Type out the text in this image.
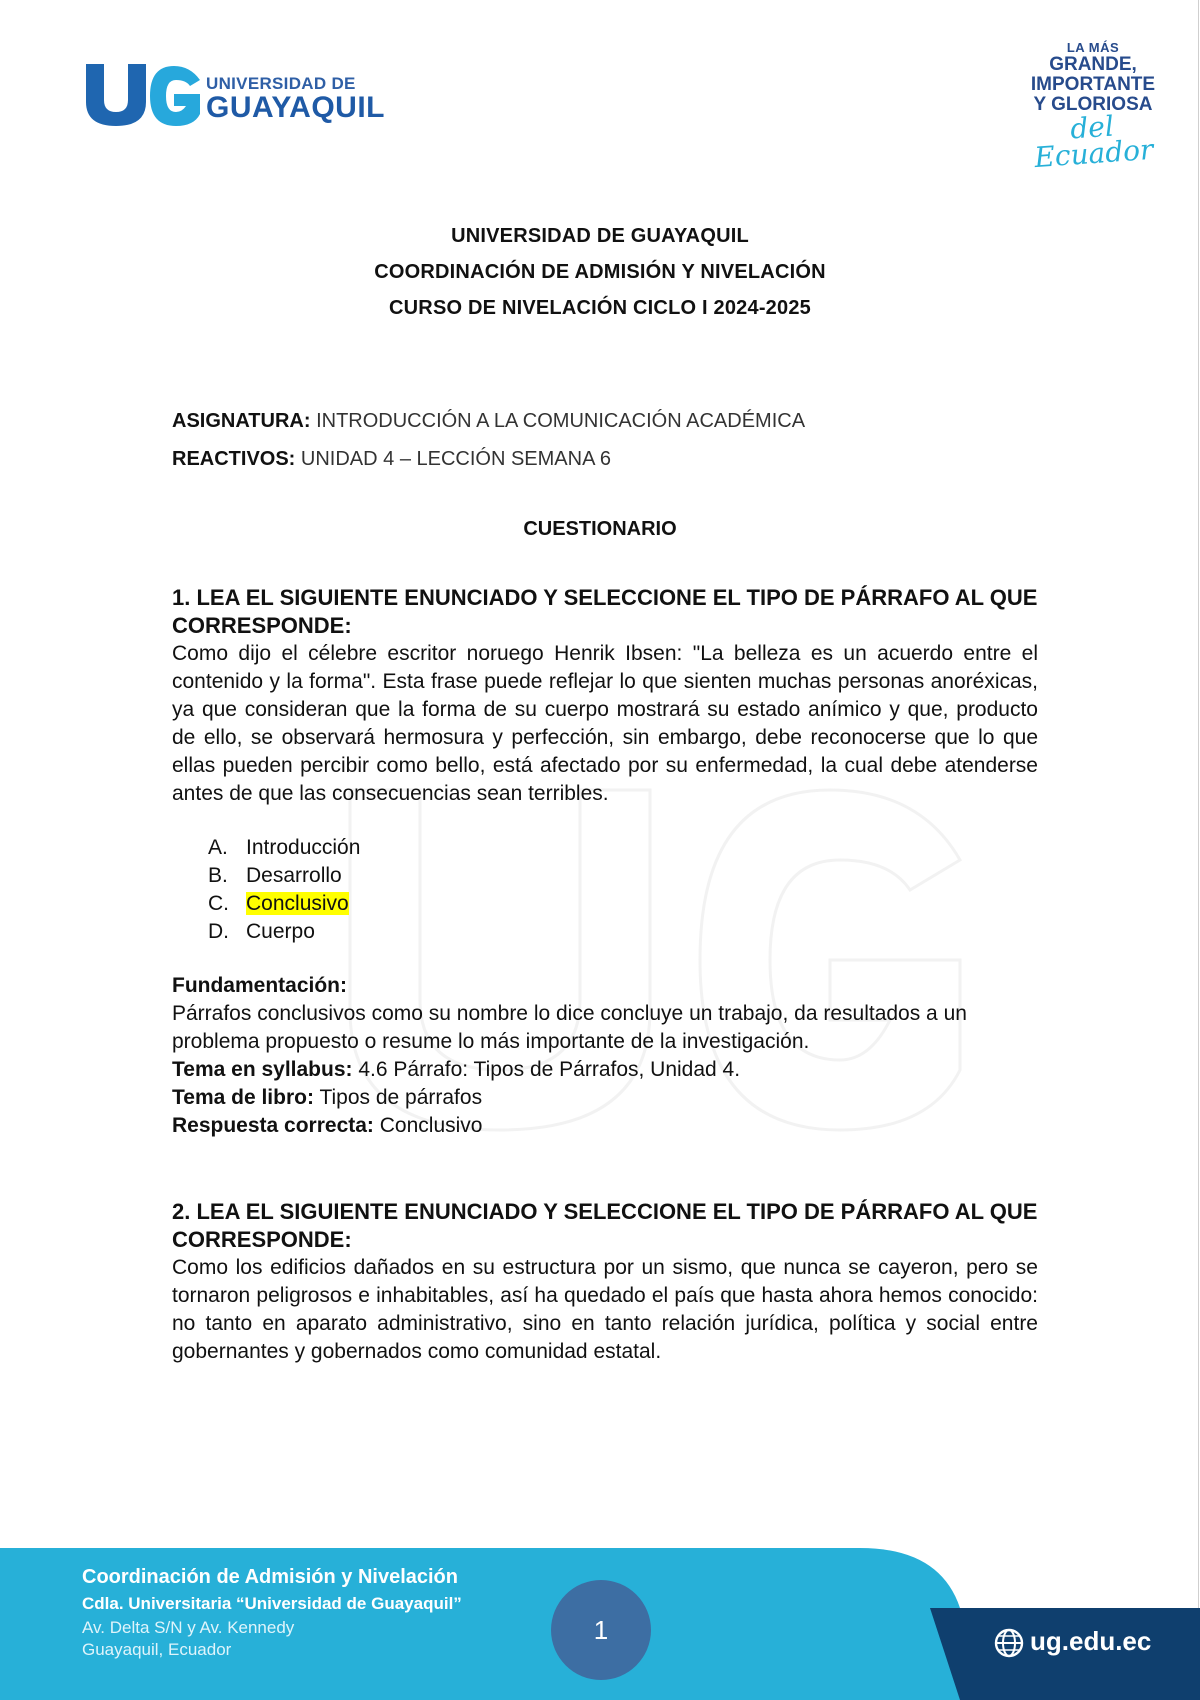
UNIVERSIDAD DE
GUAYAQUIL
LA MÁS
GRANDE,
IMPORTANTE
Y GLORIOSA
del Ecuador
UNIVERSIDAD DE GUAYAQUIL
COORDINACIÓN DE ADMISIÓN Y NIVELACIÓN
CURSO DE NIVELACIÓN CICLO I 2024-2025
ASIGNATURA: INTRODUCCIÓN A LA COMUNICACIÓN ACADÉMICA
REACTIVOS: UNIDAD 4 – LECCIÓN SEMANA 6
CUESTIONARIO
1. LEA EL SIGUIENTE ENUNCIADO Y SELECCIONE EL TIPO DE PÁRRAFO AL QUE CORRESPONDE:
Como dijo el célebre escritor noruego Henrik Ibsen: "La belleza es un acuerdo entre el contenido y la forma". Esta frase puede reflejar lo que sienten muchas personas anoréxicas, ya que consideran que la forma de su cuerpo mostrará su estado anímico y que, producto de ello, se observará hermosura y perfección, sin embargo, debe reconocerse que lo que ellas pueden percibir como bello, está afectado por su enfermedad, la cual debe atenderse antes de que las consecuencias sean terribles.
A. Introducción
B. Desarrollo
C. Conclusivo
D. Cuerpo
Fundamentación:
Párrafos conclusivos como su nombre lo dice concluye un trabajo, da resultados a un problema propuesto o resume lo más importante de la investigación.
Tema en syllabus: 4.6 Párrafo: Tipos de Párrafos, Unidad 4.
Tema de libro: Tipos de párrafos
Respuesta correcta: Conclusivo
2. LEA EL SIGUIENTE ENUNCIADO Y SELECCIONE EL TIPO DE PÁRRAFO AL QUE CORRESPONDE:
Como los edificios dañados en su estructura por un sismo, que nunca se cayeron, pero se tornaron peligrosos e inhabitables, así ha quedado el país que hasta ahora hemos conocido: no tanto en aparato administrativo, sino en tanto relación jurídica, política y social entre gobernantes y gobernados como comunidad estatal.
Coordinación de Admisión y Nivelación
Cdla. Universitaria “Universidad de Guayaquil”
Av. Delta S/N y Av. Kennedy
Guayaquil, Ecuador
1	ug.edu.ec
